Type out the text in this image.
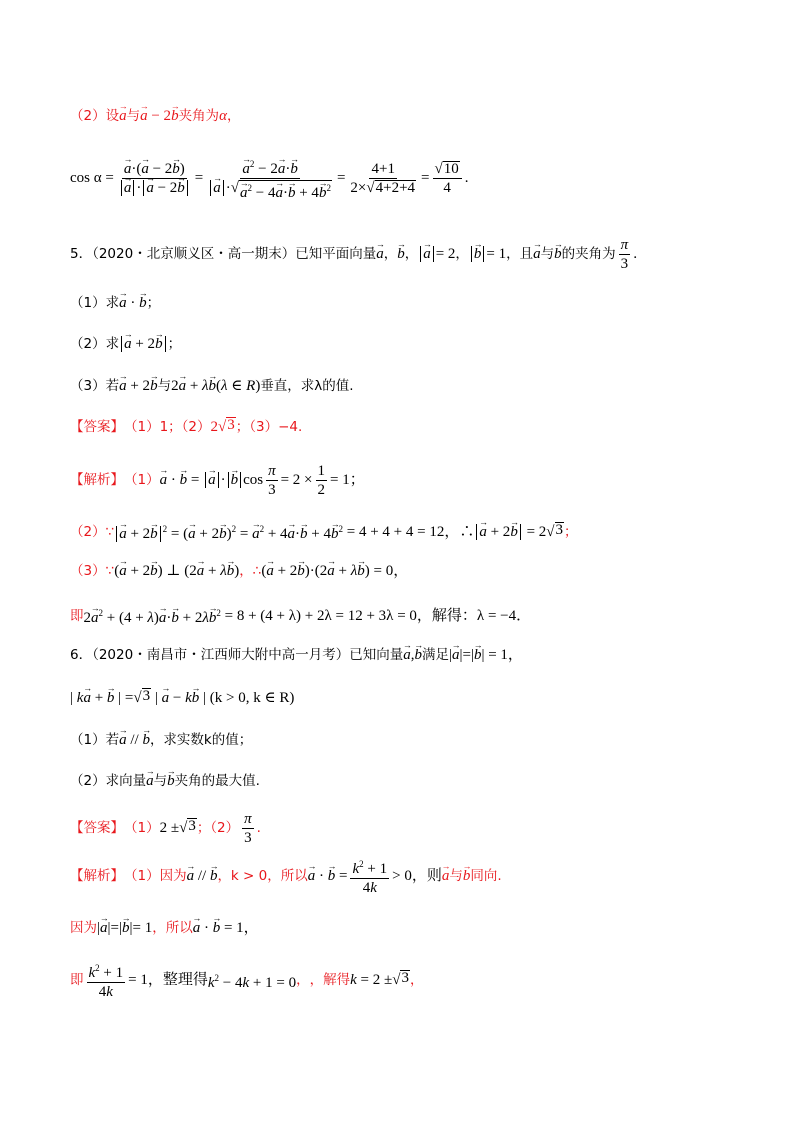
（2）设 → a 与 → a − 2 → b 夹角为 α ，
cos α = → a·(→ a − 2→ b)
→ a · → a − 2→ b = → $a^2 - 2\to a\cdot\to b$
→ a · √ → $a^2 - 4\to a\cdot\to b + 4\to b^2 = \frac{4+1}{2\times √ 4+2+4} = \frac{√ 10}{4}$ .
5．（2020・北京顺义区・高一期末）已知平面向量 → a ， → b ， → a = 2 ， → b = 1 ，且 → a 与 → b 的夹角为 $\frac{\pi}{3}$ ．
（1）求 → a · → b ；
（2）求 → a + 2→ b ；
（3）若 → a + 2→ b 与 2→ a + λ→ b(λ ∈ R) 垂直，求λ的值.
【答案】 （1）1；（2） 2 √ 3 ；（3）−4.
【解析】 （1） → a · → b = → a · → b $\cos \frac{\pi}{3} = 2 \times \frac{1}{2} = 1$；
（2）∵ → a + 2→ b $^2$ = (→ a + 2→ b)$^2$ = → $a^2 + 4\to a\cdot\to b + 4\to b^2 = 4 + 4 + 4 = 12$，∴ → a + 2→ b = 2 √ 3 ；
（3）∵ (→ a + 2→ b) ⊥ (2→ a + λ→ b) ，∴ (→ a + 2→ b)·(2→ a + λ→ b) = 0，
即 $2\to a^2 + (4 + \lambda)\to a\cdot\to b + 2\lambda\to b^2 = 8 + (4 + \lambda) + 2\lambda = 12 + 3\lambda = 0$，解得：λ = −4．
6．（2020・南昌市・江西师大附中高一月考）已知向量 → a , → b 满足 |→ a|=|→ b| = 1，
| k→ a + → b | = √ 3 | → a − k→ b | (k > 0, k ∈ R)
（1）若 → a // → b ，求实数k的值；
（2）求向量 → a 与 → b 夹角的最大值.
【答案】 （1） 2 ± √ 3 ；$(2) \frac{\pi}{3}$ .
【解析】 （1）因为 → a // → b ，k > 0，所以 → a · → $b = \frac{k^2 + 1}{4k} > 0$，则 → a 与 → b 同向.
因为 |→ a|=|→ b|= 1 ，所以 → a · → b = 1，
即 $\frac{k^2 + 1}{4k} = 1$，整理得 $k^2 - 4k + 1 = 0$ ， ，解得 k = 2 ± √ 3 ，
